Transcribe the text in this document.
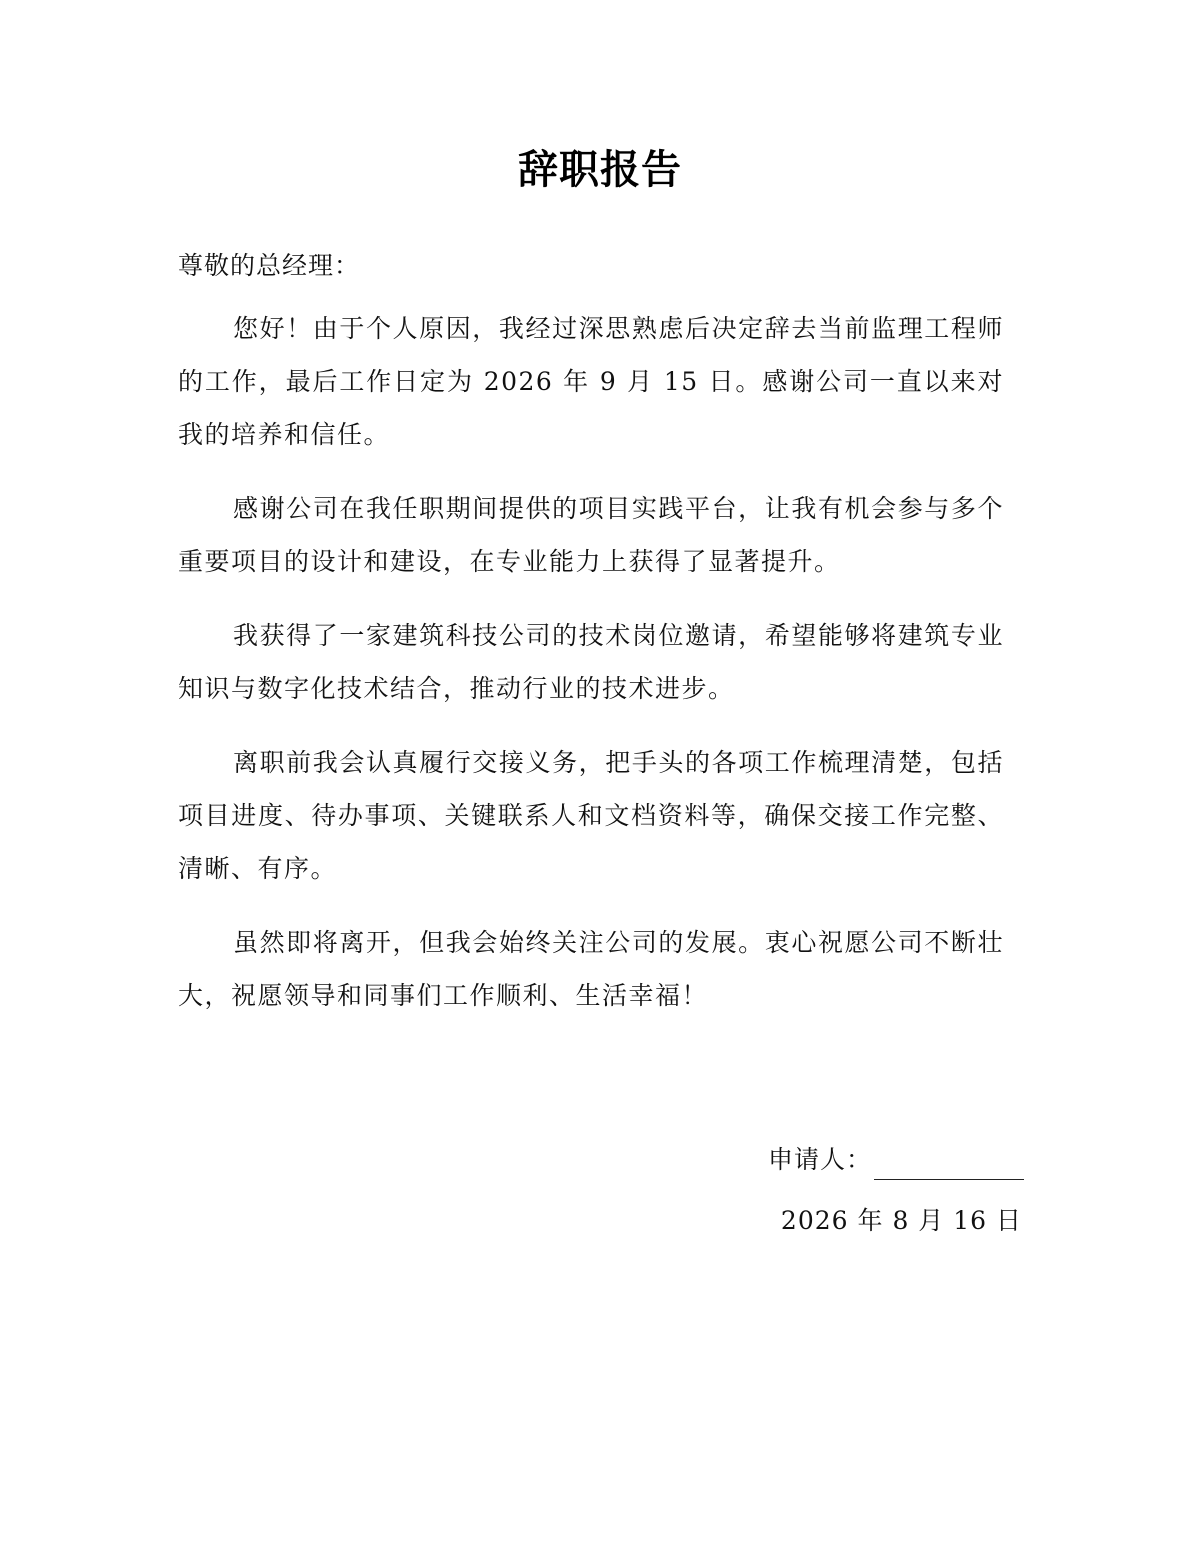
辞职报告
尊敬的总经理：

您好！由于个人原因，我经过深思熟虑后决定辞去当前监理工程师的工作，最后工作日定为 2026 年 9 月 15 日。感谢公司一直以来对我的培养和信任。

感谢公司在我任职期间提供的项目实践平台，让我有机会参与多个重要项目的设计和建设，在专业能力上获得了显著提升。

我获得了一家建筑科技公司的技术岗位邀请，希望能够将建筑专业知识与数字化技术结合，推动行业的技术进步。

离职前我会认真履行交接义务，把手头的各项工作梳理清楚，包括项目进度、待办事项、关键联系人和文档资料等，确保交接工作完整、清晰、有序。

虽然即将离开，但我会始终关注公司的发展。衷心祝愿公司不断壮大，祝愿领导和同事们工作顺利、生活幸福！

申请人：
2026 年 8 月 16 日
